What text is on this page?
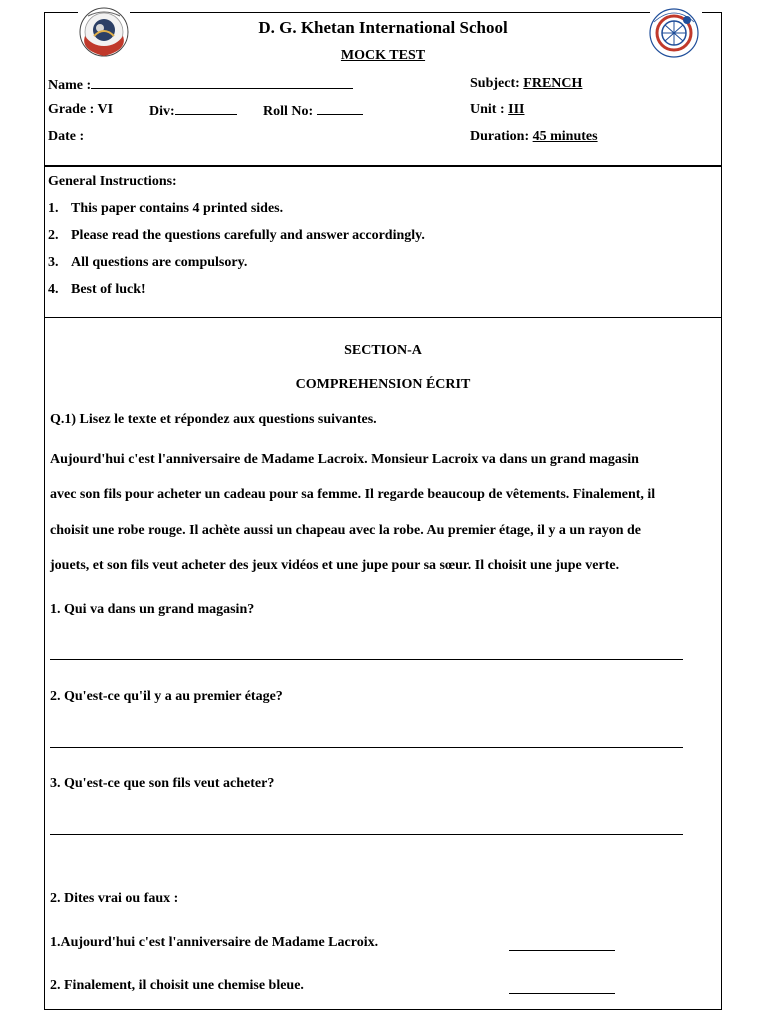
D. G. Khetan International School
MOCK TEST
Name :
Grade : VI	Div:	Roll No:
Date :
Subject: FRENCH
Unit : III
Duration: 45 minutes
General Instructions:
1. This paper contains 4 printed sides.
2. Please read the questions carefully and answer accordingly.
3. All questions are compulsory.
4. Best of luck!
SECTION-A
COMPREHENSION ÉCRIT
Q.1) Lisez le texte et répondez aux questions suivantes.
Aujourd'hui c'est l'anniversaire de Madame Lacroix. Monsieur Lacroix va dans un grand magasin
avec son fils pour acheter un cadeau pour sa femme. Il regarde beaucoup de vêtements. Finalement, il
choisit une robe rouge. Il achète aussi un chapeau avec la robe. Au premier étage, il y a un rayon de
jouets, et son fils veut acheter des jeux vidéos et une jupe pour sa sœur. Il choisit une jupe verte.
1. Qui va dans un grand magasin?
2. Qu'est-ce qu'il y a au premier étage?
3. Qu'est-ce que son fils veut acheter?
2. Dites vrai ou faux :
1.Aujourd'hui c'est l'anniversaire de Madame Lacroix.
2. Finalement, il choisit une chemise bleue.
